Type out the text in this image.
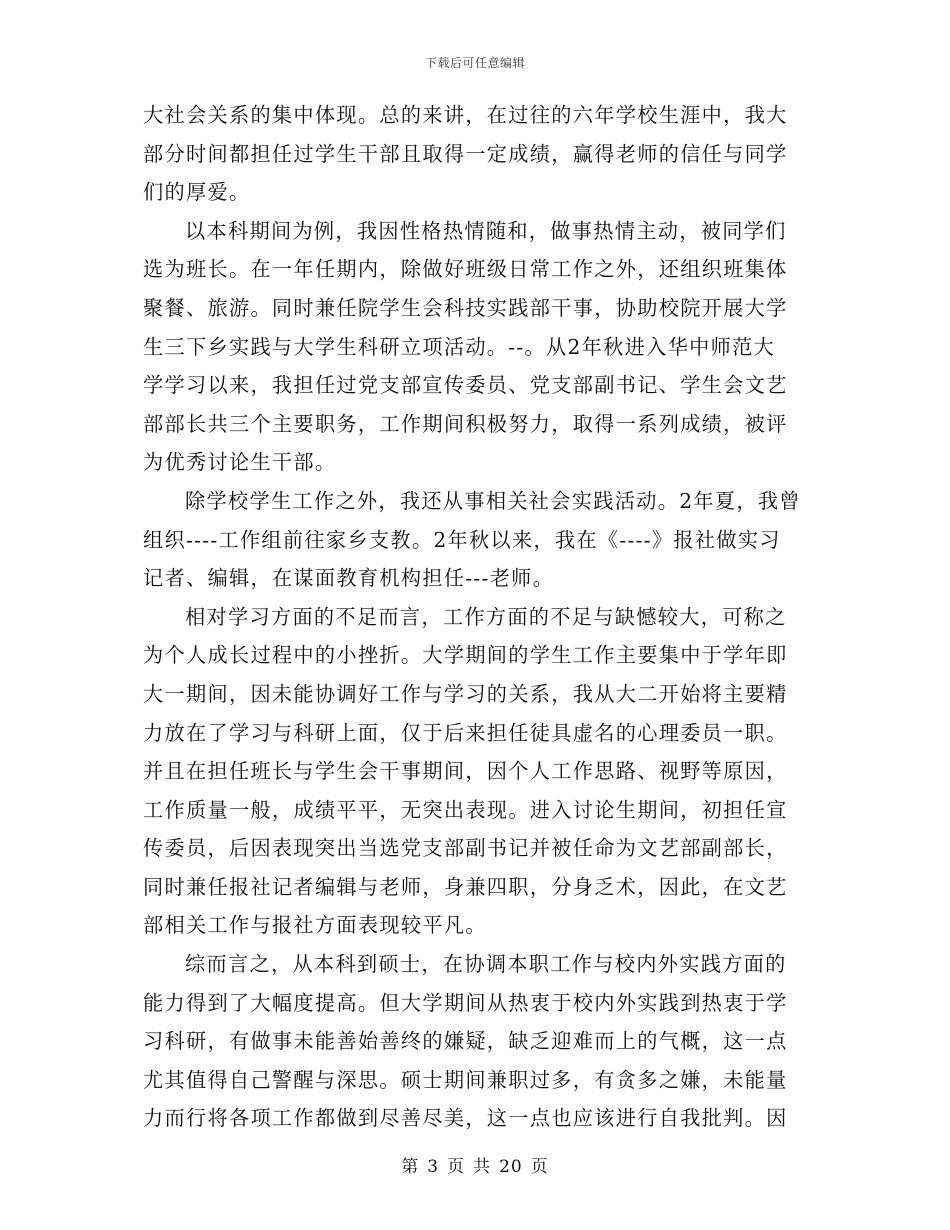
下载后可任意编辑
大社会关系的集中体现。总的来讲，在过往的六年学校生涯中，我大
部分时间都担任过学生干部且取得一定成绩，赢得老师的信任与同学
们的厚爱。
以本科期间为例，我因性格热情随和，做事热情主动，被同学们
选为班长。在一年任期内，除做好班级日常工作之外，还组织班集体
聚餐、旅游。同时兼任院学生会科技实践部干事，协助校院开展大学
生三下乡实践与大学生科研立项活动。--。从2年秋进入华中师范大
学学习以来，我担任过党支部宣传委员、党支部副书记、学生会文艺
部部长共三个主要职务，工作期间积极努力，取得一系列成绩，被评
为优秀讨论生干部。
除学校学生工作之外，我还从事相关社会实践活动。2年夏，我曾
组织----工作组前往家乡支教。2年秋以来，我在《----》报社做实习
记者、编辑，在谋面教育机构担任---老师。
相对学习方面的不足而言，工作方面的不足与缺憾较大，可称之
为个人成长过程中的小挫折。大学期间的学生工作主要集中于学年即
大一期间，因未能协调好工作与学习的关系，我从大二开始将主要精
力放在了学习与科研上面，仅于后来担任徒具虚名的心理委员一职。
并且在担任班长与学生会干事期间，因个人工作思路、视野等原因，
工作质量一般，成绩平平，无突出表现。进入讨论生期间，初担任宣
传委员，后因表现突出当选党支部副书记并被任命为文艺部副部长，
同时兼任报社记者编辑与老师，身兼四职，分身乏术，因此，在文艺
部相关工作与报社方面表现较平凡。
综而言之，从本科到硕士，在协调本职工作与校内外实践方面的
能力得到了大幅度提高。但大学期间从热衷于校内外实践到热衷于学
习科研，有做事未能善始善终的嫌疑，缺乏迎难而上的气概，这一点
尤其值得自己警醒与深思。硕士期间兼职过多，有贪多之嫌，未能量
力而行将各项工作都做到尽善尽美，这一点也应该进行自我批判。因
第 3 页 共 20 页
